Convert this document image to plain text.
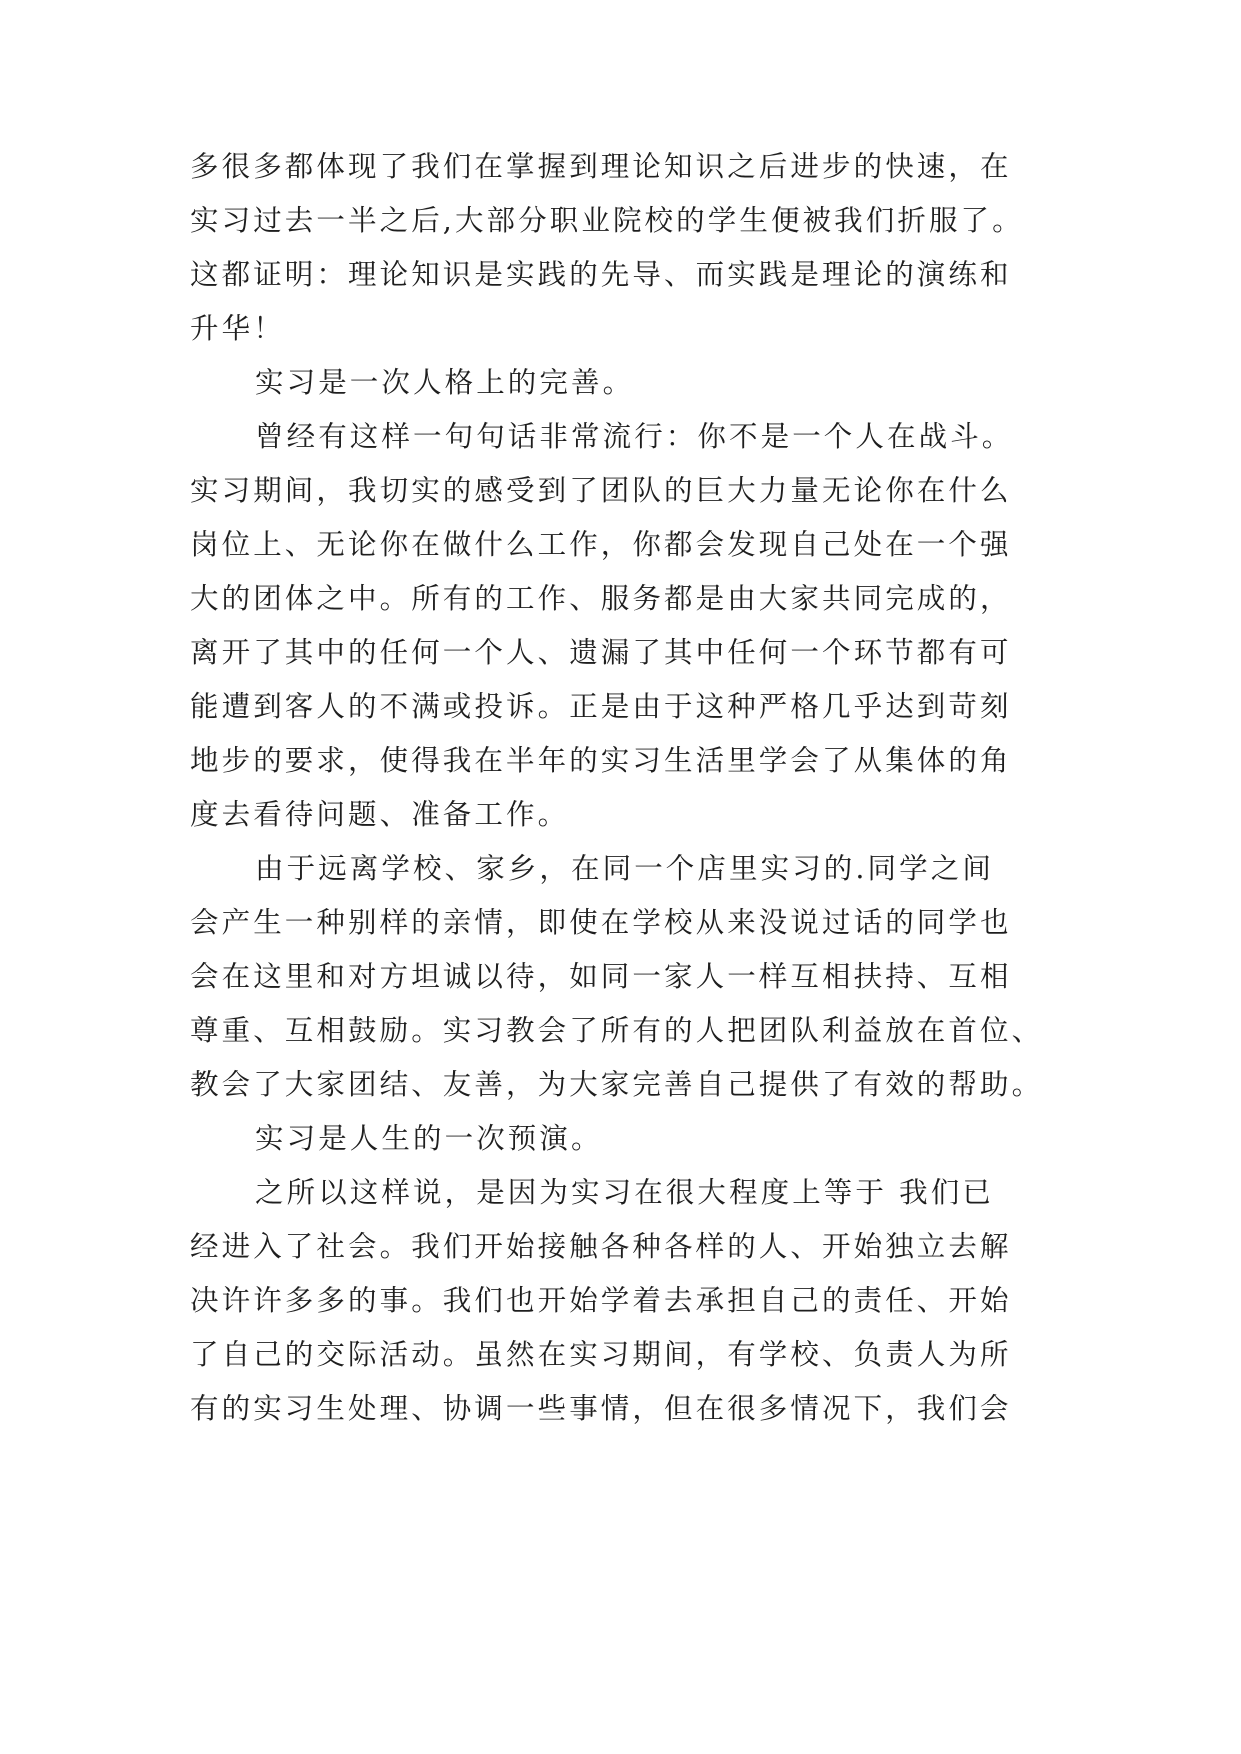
多很多都体现了我们在掌握到理论知识之后进步的快速，在

实习过去一半之后,大部分职业院校的学生便被我们折服了。

这都证明：理论知识是实践的先导、而实践是理论的演练和

升华！

实习是一次人格上的完善。

曾经有这样一句句话非常流行：你不是一个人在战斗。

实习期间，我切实的感受到了团队的巨大力量无论你在什么

岗位上、无论你在做什么工作，你都会发现自己处在一个强

大的团体之中。所有的工作、服务都是由大家共同完成的，

离开了其中的任何一个人、遗漏了其中任何一个环节都有可

能遭到客人的不满或投诉。正是由于这种严格几乎达到苛刻

地步的要求，使得我在半年的实习生活里学会了从集体的角

度去看待问题、准备工作。

由于远离学校、家乡，在同一个店里实习的.同学之间

会产生一种别样的亲情，即使在学校从来没说过话的同学也

会在这里和对方坦诚以待，如同一家人一样互相扶持、互相

尊重、互相鼓励。实习教会了所有的人把团队利益放在首位、

教会了大家团结、友善，为大家完善自己提供了有效的帮助。

实习是人生的一次预演。

之所以这样说，是因为实习在很大程度上等于 我们已

经进入了社会。我们开始接触各种各样的人、开始独立去解

决许许多多的事。我们也开始学着去承担自己的责任、开始

了自己的交际活动。虽然在实习期间，有学校、负责人为所

有的实习生处理、协调一些事情，但在很多情况下，我们会
